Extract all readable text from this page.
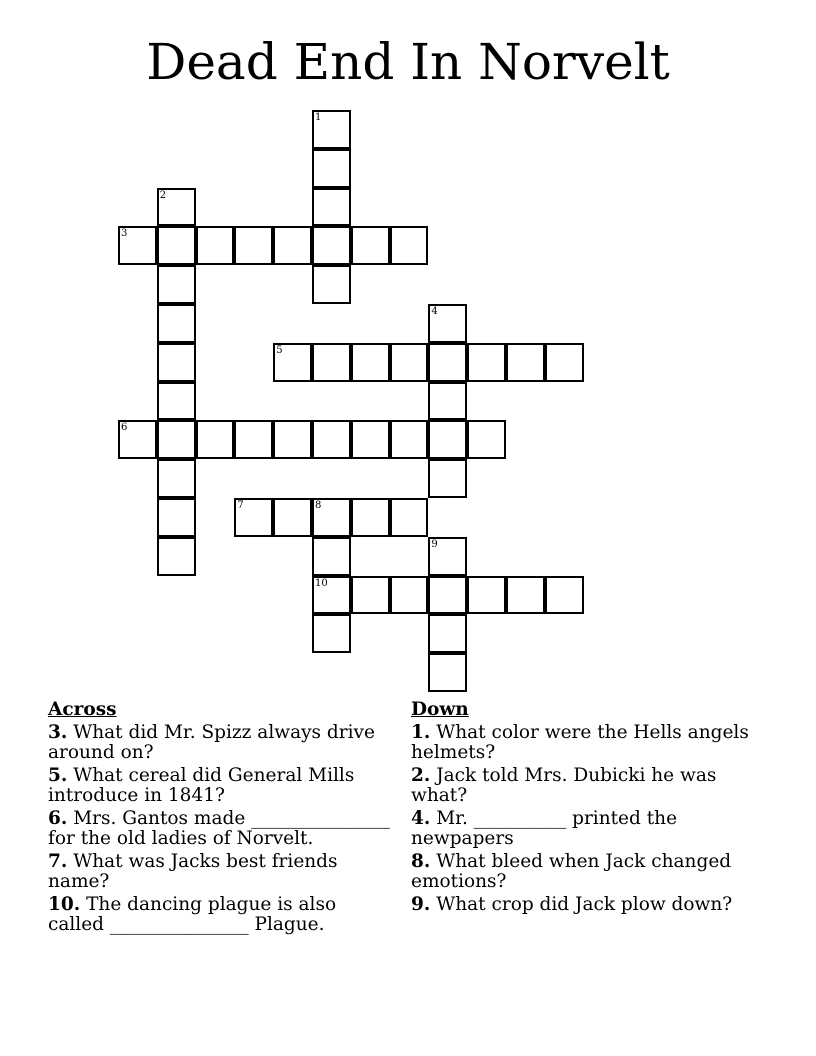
Dead End In Norvelt
1
2
3
4
5
6
7	8
10
9
Across
3. What did Mr. Spizz always drive around on?
5. What cereal did General Mills introduce in 1841?
6. Mrs. Gantos made _______________ for the old ladies of Norvelt.
7. What was Jacks best friends name?
10. The dancing plague is also called _______________ Plague.
Down
1. What color were the Hells angels helmets?
2. Jack told Mrs. Dubicki he was what?
4. Mr. __________ printed the newpapers
8. What bleed when Jack changed emotions?
9. What crop did Jack plow down?
